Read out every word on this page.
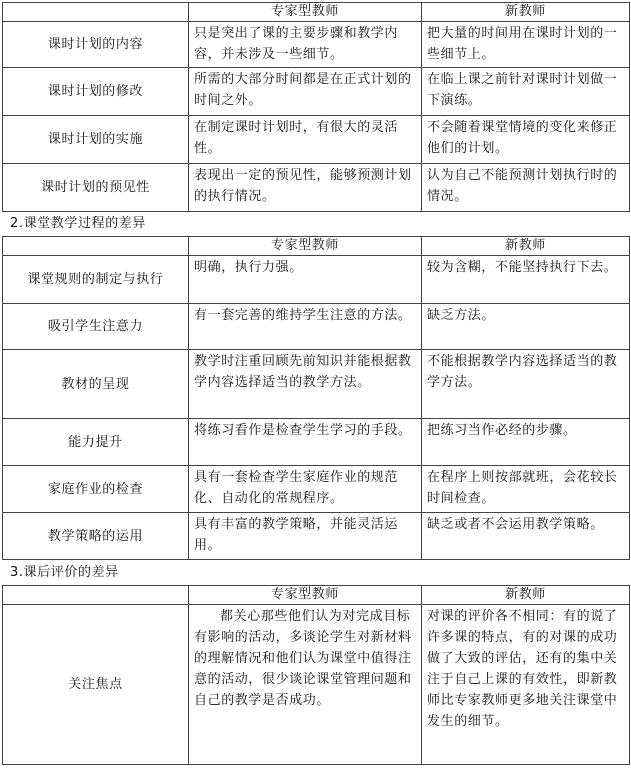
	专家型教师	新教师
课时计划的内容	只是突出了课的主要步骤和教学内容，并未涉及一些细节。	把大量的时间用在课时计划的一些细节上。
课时计划的修改	所需的大部分时间都是在正式计划的时间之外。	在临上课之前针对课时计划做一下演练。
课时计划的实施	在制定课时计划时，有很大的灵活性。	不会随着课堂情境的变化来修正他们的计划。
课时计划的预见性	表现出一定的预见性，能够预测计划的执行情况。	认为自己不能预测计划执行时的情况。
2.课堂教学过程的差异
	专家型教师	新教师
课堂规则的制定与执行	明确，执行力强。	较为含糊，不能坚持执行下去。
吸引学生注意力	有一套完善的维持学生注意的方法。	缺乏方法。
教材的呈现	教学时注重回顾先前知识并能根据教学内容选择适当的教学方法。	不能根据教学内容选择适当的教学方法。
能力提升	将练习看作是检查学生学习的手段。	把练习当作必经的步骤。
家庭作业的检查	具有一套检查学生家庭作业的规范化、自动化的常规程序。	在程序上则按部就班，会花较长时间检查。
教学策略的运用	具有丰富的教学策略，并能灵活运用。	缺乏或者不会运用教学策略。
3.课后评价的差异
	专家型教师	新教师
关注焦点	都关心那些他们认为对完成目标有影响的活动，多谈论学生对新材料的理解情况和他们认为课堂中值得注意的活动，很少谈论课堂管理问题和自己的教学是否成功。	对课的评价各不相同：有的说了许多课的特点，有的对课的成功做了大致的评估，还有的集中关注于自己上课的有效性，即新教师比专家教师更多地关注课堂中发生的细节。
